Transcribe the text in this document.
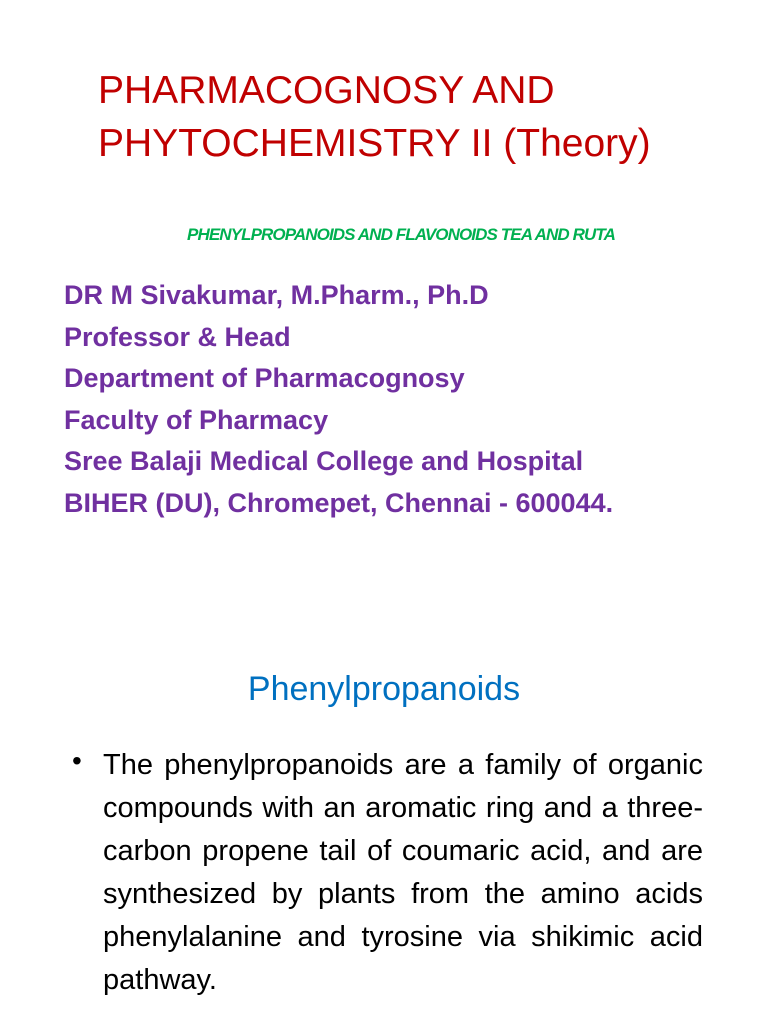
PHARMACOGNOSY AND
PHYTOCHEMISTRY II (Theory)
PHENYLPROPANOIDS AND FLAVONOIDS TEA AND RUTA
DR M Sivakumar, M.Pharm., Ph.D
Professor & Head
Department of Pharmacognosy
Faculty of Pharmacy
Sree Balaji Medical College and Hospital
BIHER (DU), Chromepet, Chennai - 600044.
Phenylpropanoids
• The phenylpropanoids are a family of organic compounds with an aromatic ring and a three-carbon propene tail of coumaric acid, and are synthesized by plants from the amino acids phenylalanine and tyrosine via shikimic acid pathway.
